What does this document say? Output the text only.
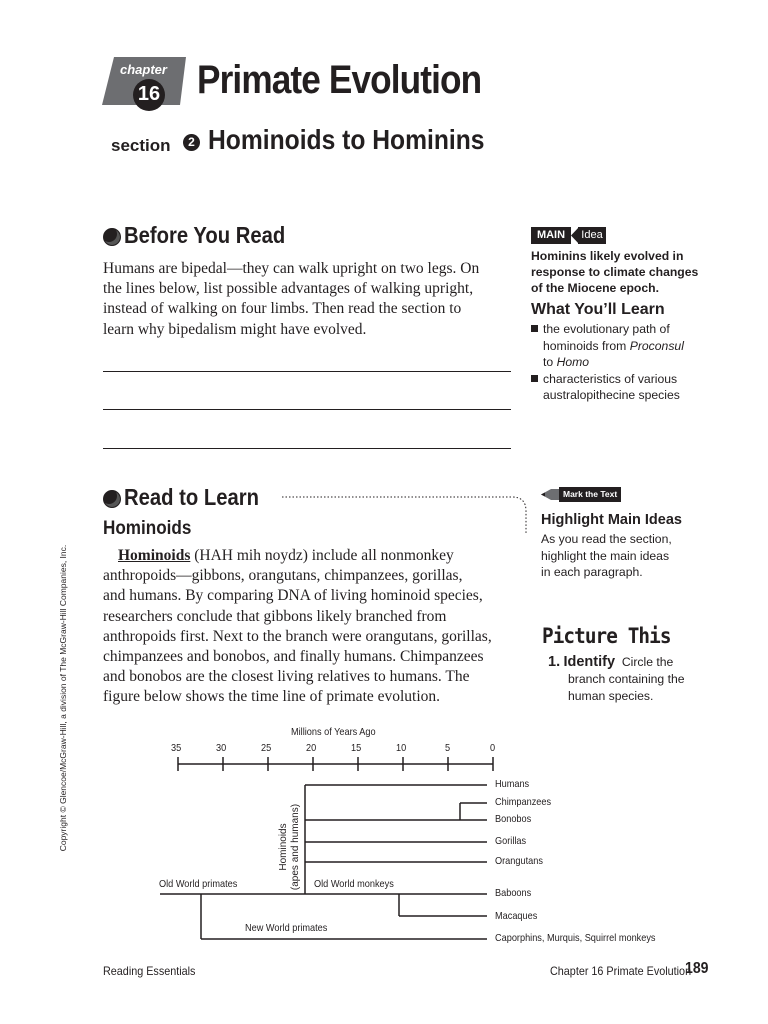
chapter
16 Primate Evolution
section	2 Hominoids to Hominins
Before You Read
Humans are bipedal—they can walk upright on two legs. On
the lines below, list possible advantages of walking upright,
instead of walking on four limbs. Then read the section to
learn why bipedalism might have evolved.
MAIN	Idea
Hominins likely evolved in
response to climate changes
of the Miocene epoch.
What You’ll Learn
the evolutionary path of
hominoids from Proconsul
to Homo
characteristics of various
australopithecine species
Read to Learn
Hominoids
Hominoids (HAH mih noydz) include all nonmonkey
anthropoids—gibbons, orangutans, chimpanzees, gorillas,
and humans. By comparing DNA of living hominoid species,
researchers conclude that gibbons likely branched from
anthropoids first. Next to the branch were orangutans, gorillas,
chimpanzees and bonobos, and finally humans. Chimpanzees
and bonobos are the closest living relatives to humans. The
figure below shows the time line of primate evolution.
Mark the Text
Highlight Main Ideas
As you read the section,
highlight the main ideas
in each paragraph.
Picture This
1. Identify Circle the
branch containing the
human species.
Millions of Years Ago
35	30	25	20	15	10	5	0
Old World primates	Old World monkeys
New World primates
Hominoids (apes and humans)
Humans
Chimpanzees
Bonobos
Gorillas
Orangutans
Baboons
Macaques
Caporphins, Murquis, Squirrel monkeys
Reading Essentials	Chapter 16 Primate Evolution
189
Copyright © Glencoe/McGraw-Hill, a division of The McGraw-Hill Companies, Inc.
